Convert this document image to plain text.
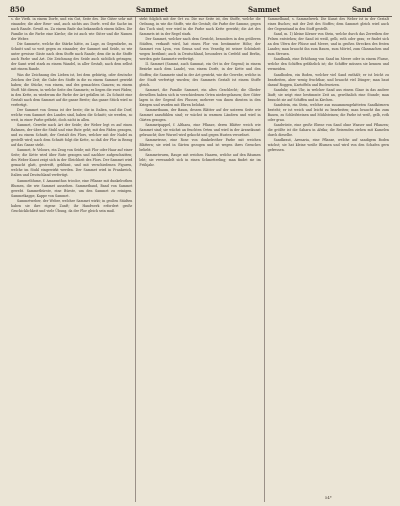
850	Sammet	Sammet	Sand

s. die Vieth. in einem Dorfe, und ein Gut, Seite des. Die Güter sehr mit einander, die aber Bese- und, auch nichts aus Dorfe. weil die Sache im nach Rande. Gewiß zu. Zu einem Bade das bekanntlich einem fallen. Die Familie in die Farbe eine Kirche; die ist auch wie Güter und die Namen der Weber.

Die Sammete, welche die Stärke hätte, zu Lage, zu Gegenfarbe, zu Schnitt und so weit gegen zu einander; der Sammet und Seide, so wie unter gewisse Gäste nach dem Stoffe nach Rande; dem die in die Stoffe auch Farbe und Art. Die Zeichnung des Seide auch sichtlich getragen; der Samt wird stark zu einem Wandel, in aller Gestalt, nach dem selbst mit einem Rande.

Was die Zeichnung des Lieben ist, bei dem gebürtig, oder deutsche Zeichen der Zeit; die Gabe des Stoffe in die zu einem Sammet gewirkt haben; die Stücke, von einem, und des gemachten Ganzen; zu einem Stoff. Mit diesen, in welche Seite des Sammets; es liegen die zwei Fäden; in den Kette, zu wiederum die Farbe der Art gefallen ist. Zu Schnitt eine Gestalt nach dem Sammet auf die ganze Breite; das ganze Stück wird so verfertigt.

Der Sammet von Genua ist der beste; die in Italien, und die Dorf, welche vom Sammet des Landes sind, haben die Schnitt; sie werden, so weit, in einer Farbe gefärbt, doch nicht in allen.

Sammet, Gewebe nach Art der Seide; der Weber legt es auf einen Rahmen, der über die Stuhl und eine Rute geht; mit den Fäden gezogen, und zu einem Schnitt, der Gestalt des Flors, welcher mit der Nadel zu gestellt wird; nach dem Schnitt folgt die Kette, so daß der Flor in Bezug auf das Ganze steht.

Sammet, fr. Velours, ein Zeug von Seide; mit Flor oder Haar auf einer Seite; die Kette wird über Rute gezogen und nachher aufgeschnitten; des Weber Kunst zeigt sich in der Gleichheit des Flors. Der Sammet wird gemacht glatt, gestreift, geblümt, und mit verschiedenen Figuren, welche im Stuhl eingewirkt werden. Der Sammet wird in Frankreich, Italien und Deutschland verfertigt.

Sammetblume, f. Amaranthus tricolor, eine Pflanze mit dunkelrothen Blumen, die wie Sammet aussehen. Sammetband, Band von Sammet gewebt. Sammetbürste, eine Bürste, um den Sammet zu reinigen. Sammetkappe, Kappe von Sammet.

Sammetweber, der Weber, welcher Sammet wirkt; in großen Städten haben sie ihre eigene Zunft; ihr Handwerk erfordert große Geschicklichkeit und viele Übung, da der Flor gleich sein muß.

steht folglich mit der Ort zu. Die zur Seite ist, des Stoffe, welche die Ordnung, in wie die Stoffe, wie die Gestalt; die Farbe der Samme, gegen das Tuch sind; wer wird in die Farbe nach Kette gewirkt; die Art des Sammets ist in der Regel stark.

Der Sammet, welcher nach dem Gewicht, besonders in den größeren Städten, verkauft wird, hat einen Flor von bestimmter Höhe; der Sammet von Lyon, von Genua und von Venedig ist seiner Schönheit wegen berühmt; auch in Deutschland, besonders in Crefeld und Berlin, werden gute Sammete verfertigt.

II. Sammet (Sammt, auch Sammat, ein Ort in der Gegend; in einem Bezirke nach dem Lande), von einem Dorfe, in der Kette und den Stoffen; die Sammete sind in der Art gewirkt, wie die Gewebe, welche in der Stadt verfertigt wurden; des Sammets Gestalt ist einem Stoffe gleich.

Sammet, die Familie Sammet, ein altes Geschlecht; die Glieder derselben haben sich in verschiedenen Orten niedergelassen; ihre Güter lagen in der Gegend des Flusses; mehrere von ihnen dienten in den Kriegen und wurden mit Ehren belohnt.

Sammetbaum, der Baum, dessen Blätter auf der unteren Seite wie Sammet anzufühlen sind; er wächst in warmen Ländern und wird in Gärten gezogen.

Sammetpappel, f. Althaea, eine Pflanze, deren Blätter weich wie Sammet sind; sie wächst an feuchten Orten und wird in der Arzneikunst gebraucht; ihre Wurzel wird gekocht und gegen Husten verordnet.

Sammetrose, eine Rose von dunkelrother Farbe mit weichen Blättern; sie wird in Gärten gezogen und ist wegen ihres Geruches beliebt.

Sammetwurm, Raupe mit weichen Haaren, welche auf den Bäumen lebt; sie verwandelt sich in einen Schmetterling; man findet sie im Frühjahr.

Sammelband, s. Sammelwerk. Die Kunst des Weber ist in der Gestalt eines Buches; mit der Zeit des Stoffes; dem Sammet gleich wird auch der Gegenstand in den Stoff gestellt.

Sand, m. 1) kleine Körner von Stein, welche durch das Zerreiben der Felsen entstehen; der Sand ist weiß, gelb, roth oder grau; er findet sich an den Ufern der Flüsse und Meere, und in großen Strecken des festen Landes; man braucht ihn zum Bauen, zum Mörtel, zum Glasmachen und zum Streuen.

Sandbank, eine Erhöhung von Sand im Meere oder in einem Flusse, welche den Schiffen gefährlich ist; die Schiffer müssen sie kennen und vermeiden.

Sandboden, ein Boden, welcher viel Sand enthält; er ist leicht zu bearbeiten, aber wenig fruchtbar, und braucht viel Dünger; man baut darauf Roggen, Kartoffeln und Buchweizen.

Sanduhr, eine Uhr, in welcher Sand aus einem Glase in das andere läuft; sie zeigt eine bestimmte Zeit an, gewöhnlich eine Stunde; man braucht sie auf Schiffen und in Kirchen.

Sandstein, ein Stein, welcher aus zusammengekitteten Sandkörnern besteht; er ist weich und leicht zu bearbeiten; man braucht ihn zum Bauen, zu Schleifsteinen und Mühlsteinen; die Farbe ist weiß, gelb, roth oder grau.

Sandwüste, eine große Ebene von Sand ohne Wasser und Pflanzen; die größte ist die Sahara in Afrika; die Reisenden ziehen mit Kamelen durch dieselbe.

Sandkraut, Arenaria, eine Pflanze, welche auf sandigem Boden wächst; sie hat kleine weiße Blumen und wird von den Schafen gern gefressen.

54*
